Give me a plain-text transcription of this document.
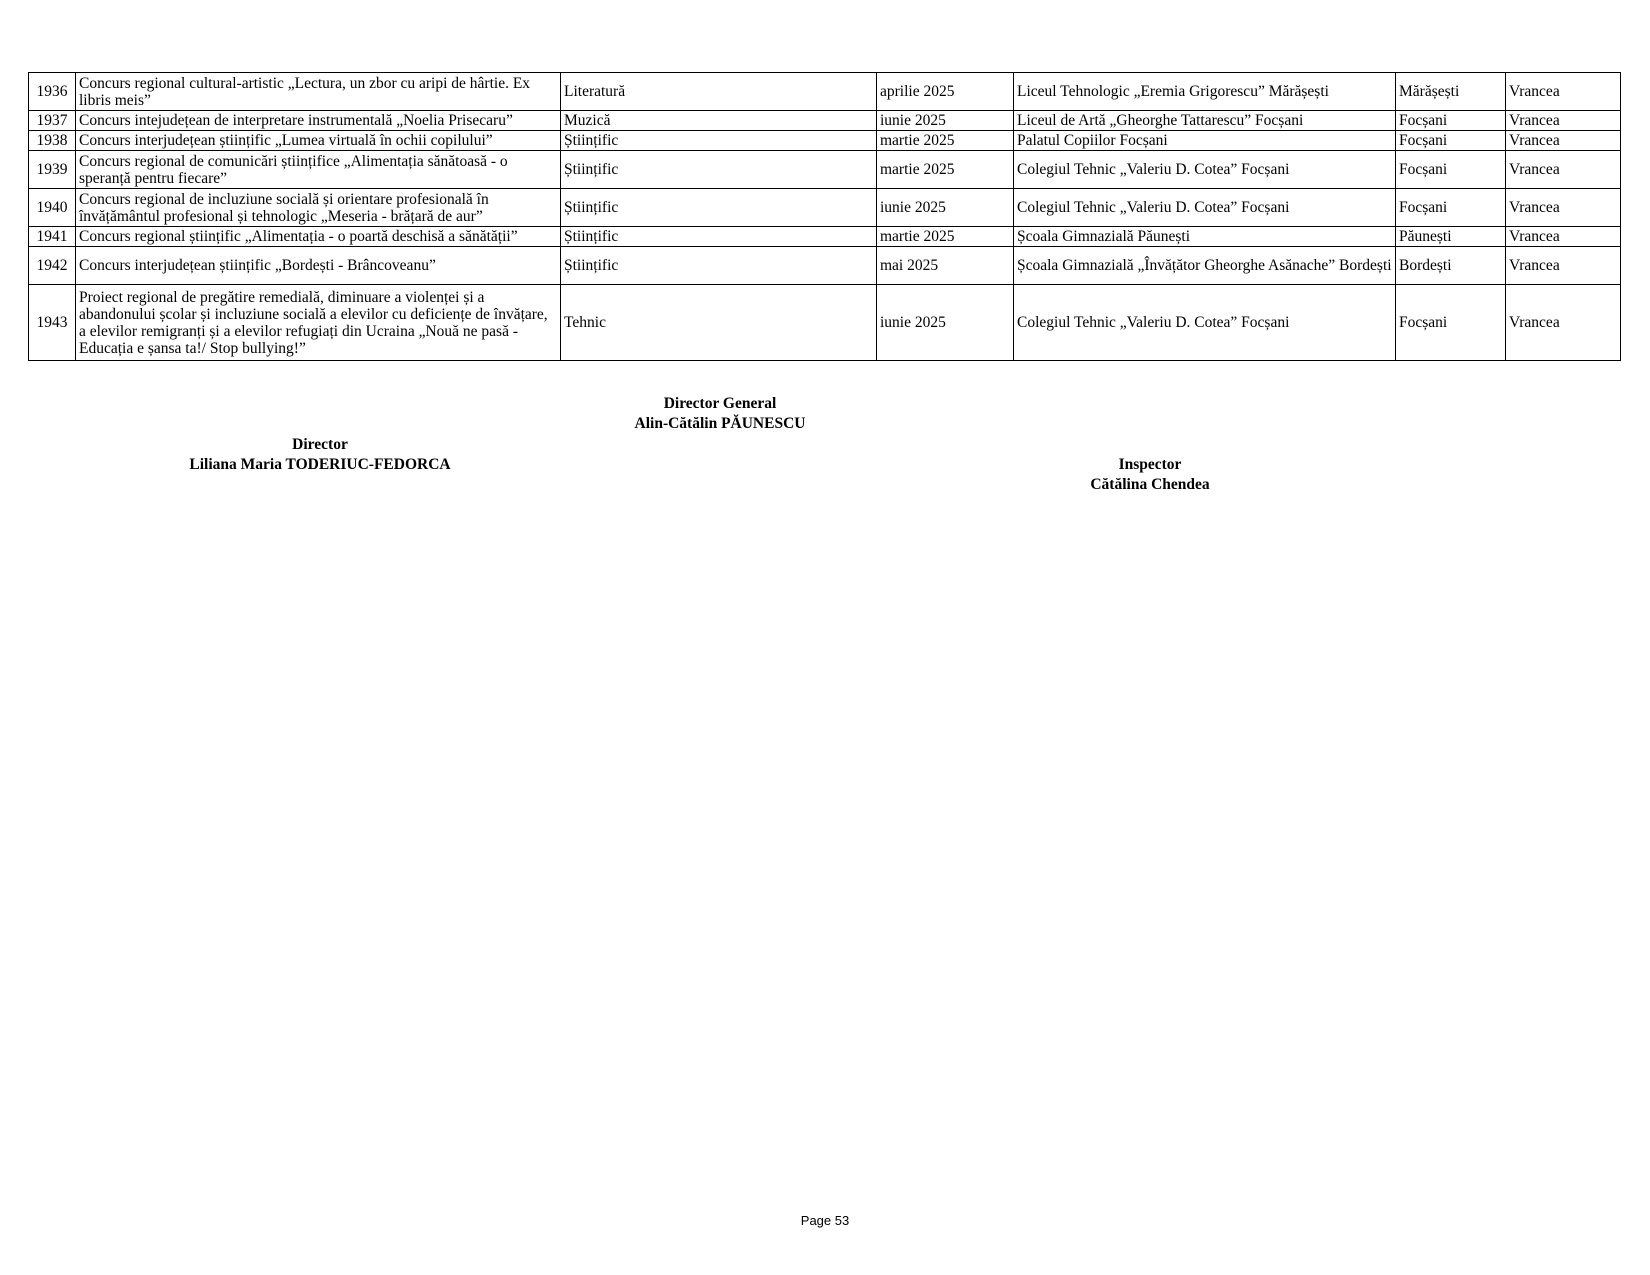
1936	Concurs regional cultural-artistic „Lectura, un zbor cu aripi de hârtie. Ex libris meis”	Literatură	aprilie 2025	Liceul Tehnologic „Eremia Grigorescu” Mărășești	Mărășești	Vrancea
1937	Concurs intejudețean de interpretare instrumentală „Noelia Prisecaru”	Muzică	iunie 2025	Liceul de Artă „Gheorghe Tattarescu” Focșani	Focșani	Vrancea
1938	Concurs interjudețean științific „Lumea virtuală în ochii copilului”	Științific	martie 2025	Palatul Copiilor Focșani	Focșani	Vrancea
1939	Concurs regional de comunicări științifice „Alimentația sănătoasă - o speranță pentru fiecare”	Științific	martie 2025	Colegiul Tehnic „Valeriu D. Cotea” Focșani	Focșani	Vrancea
1940	Concurs regional de incluziune socială și orientare profesională în învățământul profesional și tehnologic „Meseria - brățară de aur”	Științific	iunie 2025	Colegiul Tehnic „Valeriu D. Cotea” Focșani	Focșani	Vrancea
1941	Concurs regional științific „Alimentația - o poartă deschisă a sănătății”	Științific	martie 2025	Școala Gimnazială Păunești	Păunești	Vrancea
1942	Concurs interjudețean științific „Bordești - Brâncoveanu”	Științific	mai 2025	Școala Gimnazială „Învățător Gheorghe Asănache” Bordești	Bordești	Vrancea
1943	Proiect regional de pregătire remedială, diminuare a violenței și a abandonului școlar și incluziune socială a elevilor cu deficiențe de învățare, a elevilor remigranți și a elevilor refugiați din Ucraina „Nouă ne pasă - Educația e șansa ta!/ Stop bullying!”	Tehnic	iunie 2025	Colegiul Tehnic „Valeriu D. Cotea” Focșani	Focșani	Vrancea
Director General
Alin-Cătălin PĂUNESCU
Director
Liliana Maria TODERIUC-FEDORCA	Inspector
Cătălina Chendea
Page 53
